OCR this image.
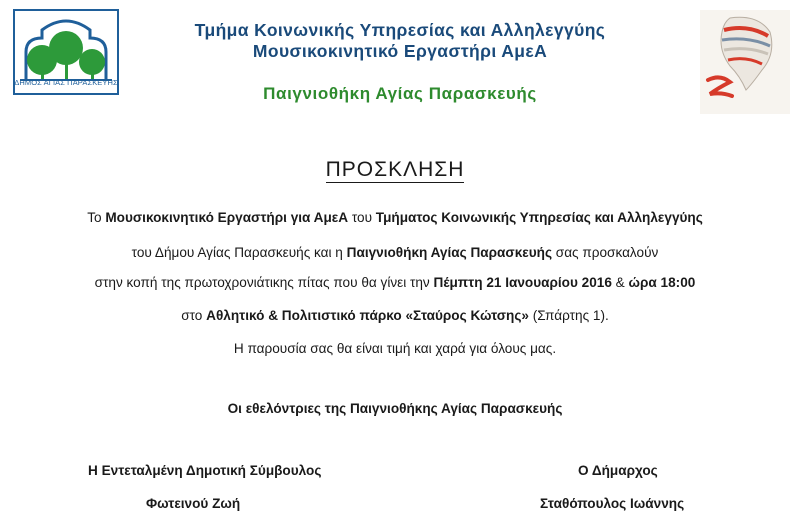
ΔΗΜΟΣ ΑΓΙΑΣ ΠΑΡΑΣΚΕΥΗΣ
Τμήμα Κοινωνικής Υπηρεσίας και Αλληλεγγύης
Μουσικοκινητικό Εργαστήρι ΑμεΑ
Παιγνιοθήκη Αγίας Παρασκευής
ΠΡΟΣΚΛΗΣΗ
Το Μουσικοκινητικό Εργαστήρι για ΑμεΑ του Τμήματος Κοινωνικής Υπηρεσίας και Αλληλεγγύης
του Δήμου Αγίας Παρασκευής και η Παιγνιοθήκη Αγίας Παρασκευής σας προσκαλούν
στην κοπή της πρωτοχρονιάτικης πίτας που θα γίνει την Πέμπτη 21 Ιανουαρίου 2016 & ώρα 18:00
στο Αθλητικό & Πολιτιστικό πάρκο «Σταύρος Κώτσης» (Σπάρτης 1).
Η παρουσία σας θα είναι τιμή και χαρά για όλους μας.
Οι εθελόντριες της Παιγνιοθήκης Αγίας Παρασκευής
Η Εντεταλμένη Δημοτική Σύμβουλος
Φωτεινού Ζωή
Ο Δήμαρχος
Σταθόπουλος Ιωάννης
